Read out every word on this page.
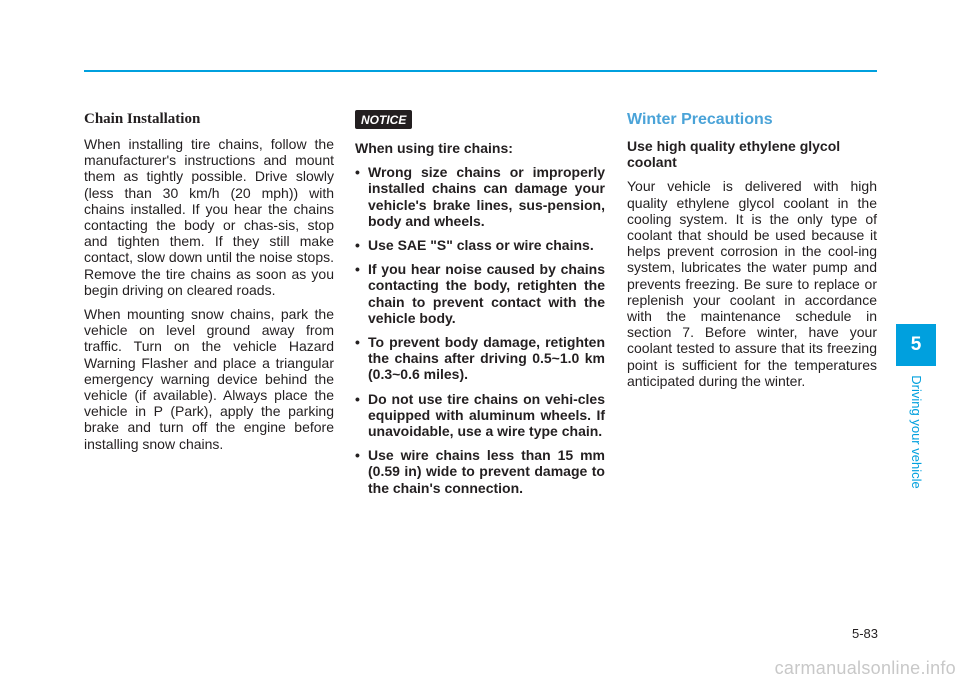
Chain Installation

When installing tire chains, follow the manufacturer's instructions and mount them as tightly possible. Drive slowly (less than 30 km/h (20 mph)) with chains installed. If you hear the chains contacting the body or chas-sis, stop and tighten them. If they still make contact, slow down until the noise stops. Remove the tire chains as soon as you begin driving on cleared roads.

When mounting snow chains, park the vehicle on level ground away from traffic. Turn on the vehicle Hazard Warning Flasher and place a triangular emergency warning device behind the vehicle (if available). Always place the vehicle in P (Park), apply the parking brake and turn off the engine before installing snow chains.

NOTICE

When using tire chains:

• Wrong size chains or improperly installed chains can damage your vehicle's brake lines, sus-pension, body and wheels.
• Use SAE "S" class or wire chains.
• If you hear noise caused by chains contacting the body, retighten the chain to prevent contact with the vehicle body.
• To prevent body damage, retighten the chains after driving 0.5~1.0 km (0.3~0.6 miles).
• Do not use tire chains on vehi-cles equipped with aluminum wheels. If unavoidable, use a wire type chain.
• Use wire chains less than 15 mm (0.59 in) wide to prevent damage to the chain's connection.
Winter Precautions

Use high quality ethylene glycol coolant

Your vehicle is delivered with high quality ethylene glycol coolant in the cooling system. It is the only type of coolant that should be used because it helps prevent corrosion in the cool-ing system, lubricates the water pump and prevents freezing. Be sure to replace or replenish your coolant in accordance with the maintenance schedule in section 7. Before winter, have your coolant tested to assure that its freezing point is sufficient for the temperatures anticipated during the winter.

5
Driving your vehicle
5-83
carmanualsonline.info
